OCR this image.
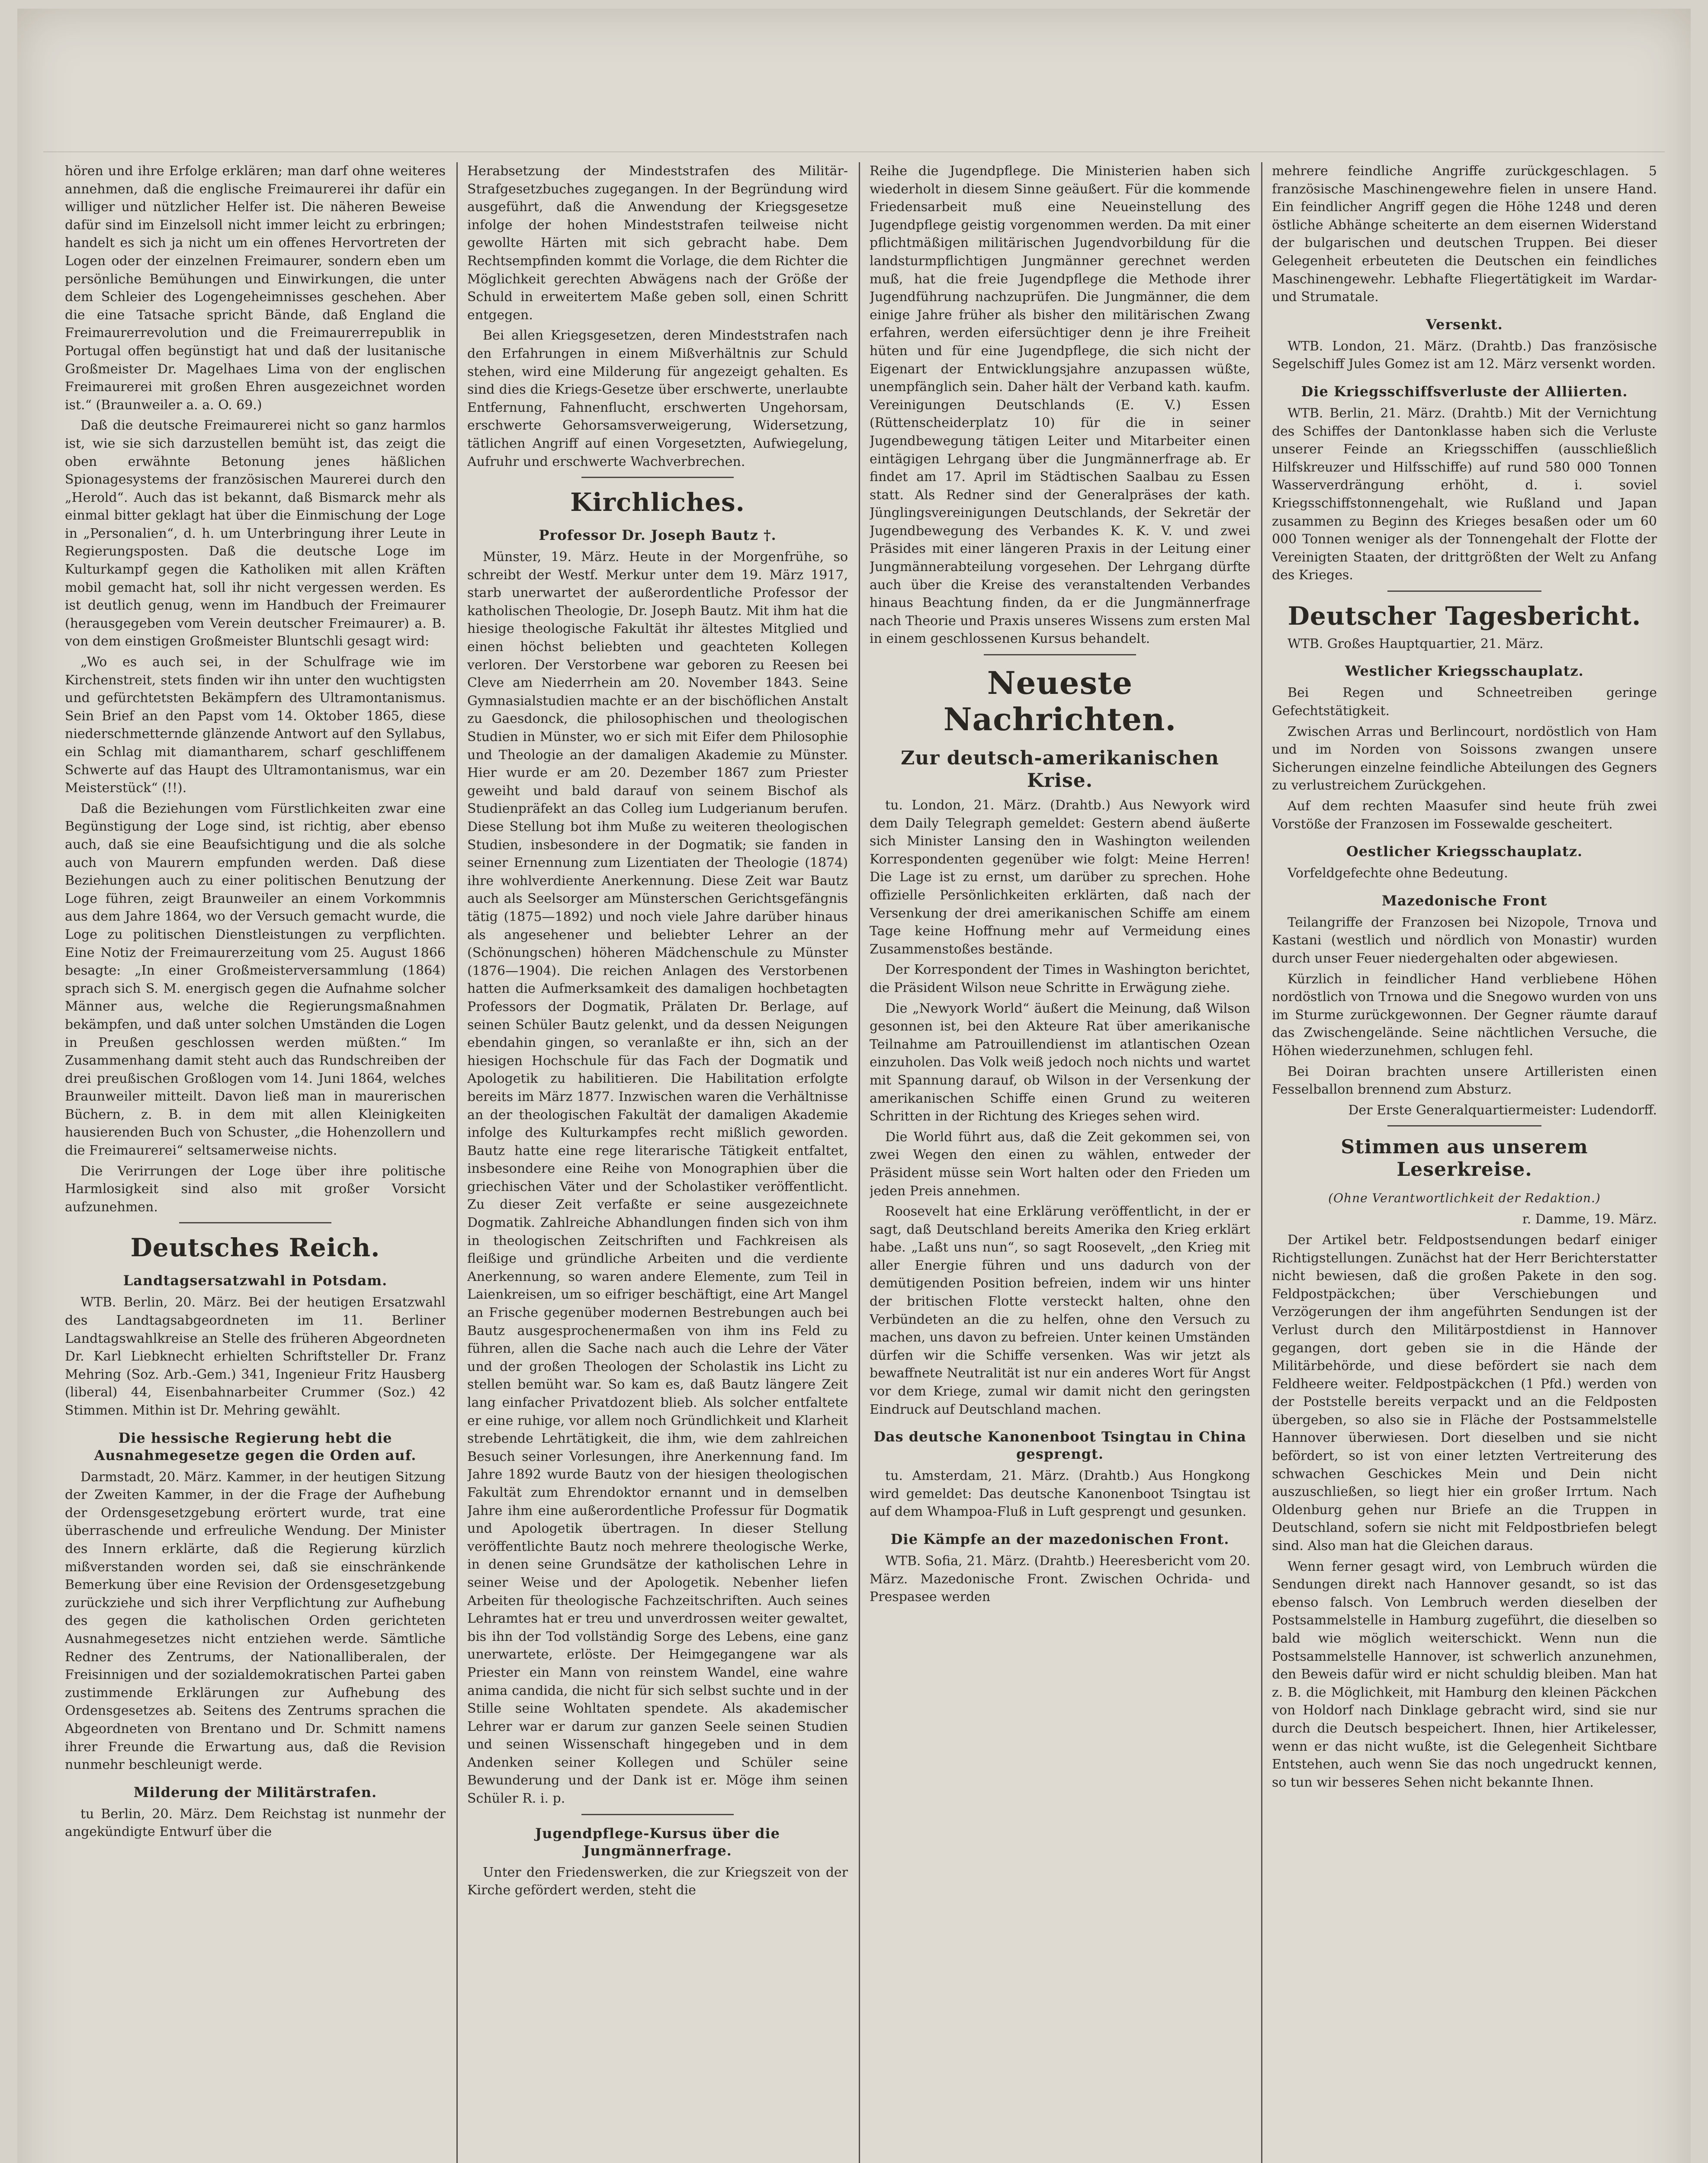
hören und ihre Erfolge erklären; man darf ohne weiteres annehmen, daß die englische Freimaurerei ihr dafür ein williger und nützlicher Helfer ist. Die näheren Beweise dafür sind im Einzelsoll nicht immer leicht zu erbringen; handelt es sich ja nicht um ein offenes Hervortreten der Logen oder der einzelnen Freimaurer, sondern eben um persönliche Bemühungen und Einwirkungen, die unter dem Schleier des Logengeheimnisses geschehen. Aber die eine Tatsache spricht Bände, daß England die Freimaurerrevolution und die Freimaurerrepublik in Portugal offen begünstigt hat und daß der lusitanische Großmeister Dr. Magelhaes Lima von der englischen Freimaurerei mit großen Ehren ausgezeichnet worden ist.“ (Braunweiler a. a. O. 69.)

Daß die deutsche Freimaurerei nicht so ganz harmlos ist, wie sie sich darzustellen bemüht ist, das zeigt die oben erwähnte Betonung jenes häßlichen Spionagesystems der französischen Maurerei durch den „Herold“. Auch das ist bekannt, daß Bismarck mehr als einmal bitter geklagt hat über die Einmischung der Loge in „Personalien“, d. h. um Unterbringung ihrer Leute in Regierungsposten. Daß die deutsche Loge im Kulturkampf gegen die Katholiken mit allen Kräften mobil gemacht hat, soll ihr nicht vergessen werden. Es ist deutlich genug, wenn im Handbuch der Freimaurer (herausgegeben vom Verein deutscher Freimaurer) a. B. von dem einstigen Großmeister Bluntschli gesagt wird:

„Wo es auch sei, in der Schulfrage wie im Kirchenstreit, stets finden wir ihn unter den wuchtigsten und gefürchtetsten Bekämpfern des Ultramontanismus. Sein Brief an den Papst vom 14. Oktober 1865, diese niederschmetternde glänzende Antwort auf den Syllabus, ein Schlag mit diamantharem, scharf geschliffenem Schwerte auf das Haupt des Ultramontanismus, war ein Meisterstück“ (!!).

Daß die Beziehungen vom Fürstlichkeiten zwar eine Begünstigung der Loge sind, ist richtig, aber ebenso auch, daß sie eine Beaufsichtigung und die als solche auch von Maurern empfunden werden. Daß diese Beziehungen auch zu einer politischen Benutzung der Loge führen, zeigt Braunweiler an einem Vorkommnis aus dem Jahre 1864, wo der Versuch gemacht wurde, die Loge zu politischen Dienstleistungen zu verpflichten. Eine Notiz der Freimaurerzeitung vom 25. August 1866 besagte: „In einer Großmeisterversammlung (1864) sprach sich S. M. energisch gegen die Aufnahme solcher Männer aus, welche die Regierungsmaßnahmen bekämpfen, und daß unter solchen Umständen die Logen in Preußen geschlossen werden müßten.“ Im Zusammenhang damit steht auch das Rundschreiben der drei preußischen Großlogen vom 14. Juni 1864, welches Braunweiler mitteilt. Davon ließ man in maurerischen Büchern, z. B. in dem mit allen Kleinigkeiten hausierenden Buch von Schuster, „die Hohenzollern und die Freimaurerei“ seltsamerweise nichts.

Die Verirrungen der Loge über ihre politische Harmlosigkeit sind also mit großer Vorsicht aufzunehmen.

Deutsches Reich.
Landtagsersatzwahl in Potsdam.

WTB. Berlin, 20. März. Bei der heutigen Ersatzwahl des Landtagsabgeordneten im 11. Berliner Landtagswahlkreise an Stelle des früheren Abgeordneten Dr. Karl Liebknecht erhielten Schriftsteller Dr. Franz Mehring (Soz. Arb.-Gem.) 341, Ingenieur Fritz Hausberg (liberal) 44, Eisenbahnarbeiter Crummer (Soz.) 42 Stimmen. Mithin ist Dr. Mehring gewählt.

Die hessische Regierung hebt die Ausnahmegesetze gegen die Orden auf.

Darmstadt, 20. März. Kammer, in der heutigen Sitzung der Zweiten Kammer, in der die Frage der Aufhebung der Ordensgesetzgebung erörtert wurde, trat eine überraschende und erfreuliche Wendung. Der Minister des Innern erklärte, daß die Regierung kürzlich mißverstanden worden sei, daß sie einschränkende Bemerkung über eine Revision der Ordensgesetzgebung zurückziehe und sich ihrer Verpflichtung zur Aufhebung des gegen die katholischen Orden gerichteten Ausnahmegesetzes nicht entziehen werde. Sämtliche Redner des Zentrums, der Nationalliberalen, der Freisinnigen und der sozialdemokratischen Partei gaben zustimmende Erklärungen zur Aufhebung des Ordensgesetzes ab. Seitens des Zentrums sprachen die Abgeordneten von Brentano und Dr. Schmitt namens ihrer Freunde die Erwartung aus, daß die Revision nunmehr beschleunigt werde.

Milderung der Militärstrafen.

tu Berlin, 20. März. Dem Reichstag ist nunmehr der angekündigte Entwurf über die

Herabsetzung der Mindeststrafen des Militär-Strafgesetzbuches zugegangen. In der Begründung wird ausgeführt, daß die Anwendung der Kriegsgesetze infolge der hohen Mindeststrafen teilweise nicht gewollte Härten mit sich gebracht habe. Dem Rechtsempfinden kommt die Vorlage, die dem Richter die Möglichkeit gerechten Abwägens nach der Größe der Schuld in erweitertem Maße geben soll, einen Schritt entgegen.

Bei allen Kriegsgesetzen, deren Mindeststrafen nach den Erfahrungen in einem Mißverhältnis zur Schuld stehen, wird eine Milderung für angezeigt gehalten. Es sind dies die Kriegs-Gesetze über erschwerte, unerlaubte Entfernung, Fahnenflucht, erschwerten Ungehorsam, erschwerte Gehorsamsverweigerung, Widersetzung, tätlichen Angriff auf einen Vorgesetzten, Aufwiegelung, Aufruhr und erschwerte Wachverbrechen.

Kirchliches.
Professor Dr. Joseph Bautz †.

Münster, 19. März. Heute in der Morgenfrühe, so schreibt der Westf. Merkur unter dem 19. März 1917, starb unerwartet der außerordentliche Professor der katholischen Theologie, Dr. Joseph Bautz. Mit ihm hat die hiesige theologische Fakultät ihr ältestes Mitglied und einen höchst beliebten und geachteten Kollegen verloren. Der Verstorbene war geboren zu Reesen bei Cleve am Niederrhein am 20. November 1843. Seine Gymnasialstudien machte er an der bischöflichen Anstalt zu Gaesdonck, die philosophischen und theologischen Studien in Münster, wo er sich mit Eifer dem Philosophie und Theologie an der damaligen Akademie zu Münster. Hier wurde er am 20. Dezember 1867 zum Priester geweiht und bald darauf von seinem Bischof als Studienpräfekt an das Colleg ium Ludgerianum berufen. Diese Stellung bot ihm Muße zu weiteren theologischen Studien, insbesondere in der Dogmatik; sie fanden in seiner Ernennung zum Lizentiaten der Theologie (1874) ihre wohlverdiente Anerkennung. Diese Zeit war Bautz auch als Seelsorger am Münsterschen Gerichtsgefängnis tätig (1875—1892) und noch viele Jahre darüber hinaus als angesehener und beliebter Lehrer an der (Schönungschen) höheren Mädchenschule zu Münster (1876—1904). Die reichen Anlagen des Verstorbenen hatten die Aufmerksamkeit des damaligen hochbetagten Professors der Dogmatik, Prälaten Dr. Berlage, auf seinen Schüler Bautz gelenkt, und da dessen Neigungen ebendahin gingen, so veranlaßte er ihn, sich an der hiesigen Hochschule für das Fach der Dogmatik und Apologetik zu habilitieren. Die Habilitation erfolgte bereits im März 1877. Inzwischen waren die Verhältnisse an der theologischen Fakultät der damaligen Akademie infolge des Kulturkampfes recht mißlich geworden. Bautz hatte eine rege literarische Tätigkeit entfaltet, insbesondere eine Reihe von Monographien über die griechischen Väter und der Scholastiker veröffentlicht. Zu dieser Zeit verfaßte er seine ausgezeichnete Dogmatik. Zahlreiche Abhandlungen finden sich von ihm in theologischen Zeitschriften und Fachkreisen als fleißige und gründliche Arbeiten und die verdiente Anerkennung, so waren andere Elemente, zum Teil in Laienkreisen, um so eifriger beschäftigt, eine Art Mangel an Frische gegenüber modernen Bestrebungen auch bei Bautz ausgesprochenermaßen von ihm ins Feld zu führen, allen die Sache nach auch die Lehre der Väter und der großen Theologen der Scholastik ins Licht zu stellen bemüht war. So kam es, daß Bautz längere Zeit lang einfacher Privatdozent blieb. Als solcher entfaltete er eine ruhige, vor allem noch Gründlichkeit und Klarheit strebende Lehrtätigkeit, die ihm, wie dem zahlreichen Besuch seiner Vorlesungen, ihre Anerkennung fand. Im Jahre 1892 wurde Bautz von der hiesigen theologischen Fakultät zum Ehrendoktor ernannt und in demselben Jahre ihm eine außerordentliche Professur für Dogmatik und Apologetik übertragen. In dieser Stellung veröffentlichte Bautz noch mehrere theologische Werke, in denen seine Grundsätze der katholischen Lehre in seiner Weise und der Apologetik. Nebenher liefen Arbeiten für theologische Fachzeitschriften. Auch seines Lehramtes hat er treu und unverdrossen weiter gewaltet, bis ihn der Tod vollständig Sorge des Lebens, eine ganz unerwartete, erlöste. Der Heimgegangene war als Priester ein Mann von reinstem Wandel, eine wahre anima candida, die nicht für sich selbst suchte und in der Stille seine Wohltaten spendete. Als akademischer Lehrer war er darum zur ganzen Seele seinen Studien und seinen Wissenschaft hingegeben und in dem Andenken seiner Kollegen und Schüler seine Bewunderung und der Dank ist er. Möge ihm seinen Schüler R. i. p.

Jugendpflege-Kursus über die Jungmännerfrage.

Unter den Friedenswerken, die zur Kriegszeit von der Kirche gefördert werden, steht die

Reihe die Jugendpflege. Die Ministerien haben sich wiederholt in diesem Sinne geäußert. Für die kommende Friedensarbeit muß eine Neueinstellung des Jugendpflege geistig vorgenommen werden. Da mit einer pflichtmäßigen militärischen Jugendvorbildung für die landsturmpflichtigen Jungmänner gerechnet werden muß, hat die freie Jugendpflege die Methode ihrer Jugendführung nachzuprüfen. Die Jungmänner, die dem einige Jahre früher als bisher den militärischen Zwang erfahren, werden eifersüchtiger denn je ihre Freiheit hüten und für eine Jugendpflege, die sich nicht der Eigenart der Entwicklungsjahre anzupassen wüßte, unempfänglich sein. Daher hält der Verband kath. kaufm. Vereinigungen Deutschlands (E. V.) Essen (Rüttenscheiderplatz 10) für die in seiner Jugendbewegung tätigen Leiter und Mitarbeiter einen eintägigen Lehrgang über die Jungmännerfrage ab. Er findet am 17. April im Städtischen Saalbau zu Essen statt. Als Redner sind der Generalpräses der kath. Jünglingsvereinigungen Deutschlands, der Sekretär der Jugendbewegung des Verbandes K. K. V. und zwei Präsides mit einer längeren Praxis in der Leitung einer Jungmännerabteilung vorgesehen. Der Lehrgang dürfte auch über die Kreise des veranstaltenden Verbandes hinaus Beachtung finden, da er die Jungmännerfrage nach Theorie und Praxis unseres Wissens zum ersten Mal in einem geschlossenen Kursus behandelt.

Neueste Nachrichten.
Zur deutsch-amerikanischen Krise.

tu. London, 21. März. (Drahtb.) Aus Newyork wird dem Daily Telegraph gemeldet: Gestern abend äußerte sich Minister Lansing den in Washington weilenden Korrespondenten gegenüber wie folgt: Meine Herren! Die Lage ist zu ernst, um darüber zu sprechen. Hohe offizielle Persönlichkeiten erklärten, daß nach der Versenkung der drei amerikanischen Schiffe am einem Tage keine Hoffnung mehr auf Vermeidung eines Zusammenstoßes bestände.

Der Korrespondent der Times in Washington berichtet, die Präsident Wilson neue Schritte in Erwägung ziehe.

Die „Newyork World“ äußert die Meinung, daß Wilson gesonnen ist, bei den Akteure Rat über amerikanische Teilnahme am Patrouillendienst im atlantischen Ozean einzuholen. Das Volk weiß jedoch noch nichts und wartet mit Spannung darauf, ob Wilson in der Versenkung der amerikanischen Schiffe einen Grund zu weiteren Schritten in der Richtung des Krieges sehen wird.

Die World führt aus, daß die Zeit gekommen sei, von zwei Wegen den einen zu wählen, entweder der Präsident müsse sein Wort halten oder den Frieden um jeden Preis annehmen.

Roosevelt hat eine Erklärung veröffentlicht, in der er sagt, daß Deutschland bereits Amerika den Krieg erklärt habe. „Laßt uns nun“, so sagt Roosevelt, „den Krieg mit aller Energie führen und uns dadurch von der demütigenden Position befreien, indem wir uns hinter der britischen Flotte versteckt halten, ohne den Verbündeten an die zu helfen, ohne den Versuch zu machen, uns davon zu befreien. Unter keinen Umständen dürfen wir die Schiffe versenken. Was wir jetzt als bewaffnete Neutralität ist nur ein anderes Wort für Angst vor dem Kriege, zumal wir damit nicht den geringsten Eindruck auf Deutschland machen.

Das deutsche Kanonenboot Tsingtau in China gesprengt.

tu. Amsterdam, 21. März. (Drahtb.) Aus Hongkong wird gemeldet: Das deutsche Kanonenboot Tsingtau ist auf dem Whampoa-Fluß in Luft gesprengt und gesunken.

Die Kämpfe an der mazedonischen Front.

WTB. Sofia, 21. März. (Drahtb.) Heeresbericht vom 20. März. Mazedonische Front. Zwischen Ochrida- und Prespasee werden

mehrere feindliche Angriffe zurückgeschlagen. 5 französische Maschinengewehre fielen in unsere Hand. Ein feindlicher Angriff gegen die Höhe 1248 und deren östliche Abhänge scheiterte an dem eisernen Widerstand der bulgarischen und deutschen Truppen. Bei dieser Gelegenheit erbeuteten die Deutschen ein feindliches Maschinengewehr. Lebhafte Fliegertätigkeit im Wardar- und Strumatale.

Versenkt.

WTB. London, 21. März. (Drahtb.) Das französische Segelschiff Jules Gomez ist am 12. März versenkt worden.

Die Kriegsschiffsverluste der Alliierten.

WTB. Berlin, 21. März. (Drahtb.) Mit der Vernichtung des Schiffes der Dantonklasse haben sich die Verluste unserer Feinde an Kriegsschiffen (ausschließlich Hilfskreuzer und Hilfsschiffe) auf rund 580 000 Tonnen Wasserverdrängung erhöht, d. i. soviel Kriegsschiffstonnengehalt, wie Rußland und Japan zusammen zu Beginn des Krieges besaßen oder um 60 000 Tonnen weniger als der Tonnengehalt der Flotte der Vereinigten Staaten, der drittgrößten der Welt zu Anfang des Krieges.

Deutscher Tagesbericht.

WTB. Großes Hauptquartier, 21. März.

Westlicher Kriegsschauplatz.

Bei Regen und Schneetreiben geringe Gefechtstätigkeit.

Zwischen Arras und Berlincourt, nordöstlich von Ham und im Norden von Soissons zwangen unsere Sicherungen einzelne feindliche Abteilungen des Gegners zu verlustreichem Zurückgehen.

Auf dem rechten Maasufer sind heute früh zwei Vorstöße der Franzosen im Fossewalde gescheitert.

Oestlicher Kriegsschauplatz.

Vorfeldgefechte ohne Bedeutung.

Mazedonische Front

Teilangriffe der Franzosen bei Nizopole, Trnova und Kastani (westlich und nördlich von Monastir) wurden durch unser Feuer niedergehalten oder abgewiesen.

Kürzlich in feindlicher Hand verbliebene Höhen nordöstlich von Trnowa und die Snegowo wurden von uns im Sturme zurückgewonnen. Der Gegner räumte darauf das Zwischengelände. Seine nächtlichen Versuche, die Höhen wiederzunehmen, schlugen fehl.

Bei Doiran brachten unsere Artilleristen einen Fesselballon brennend zum Absturz.

Der Erste Generalquartiermeister: Ludendorff.

Stimmen aus unserem Leserkreise.
(Ohne Verantwortlichkeit der Redaktion.)

r. Damme, 19. März.

Der Artikel betr. Feldpostsendungen bedarf einiger Richtigstellungen. Zunächst hat der Herr Berichterstatter nicht bewiesen, daß die großen Pakete in den sog. Feldpostpäckchen; über Verschiebungen und Verzögerungen der ihm angeführten Sendungen ist der Verlust durch den Militärpostdienst in Hannover gegangen, dort geben sie in die Hände der Militärbehörde, und diese befördert sie nach dem Feldheere weiter. Feldpostpäckchen (1 Pfd.) werden von der Poststelle bereits verpackt und an die Feldposten übergeben, so also sie in Fläche der Postsammelstelle Hannover überwiesen. Dort dieselben und sie nicht befördert, so ist von einer letzten Vertreiterung des schwachen Geschickes Mein und Dein nicht auszuschließen, so liegt hier ein großer Irrtum. Nach Oldenburg gehen nur Briefe an die Truppen in Deutschland, sofern sie nicht mit Feldpostbriefen belegt sind. Also man hat die Gleichen daraus.

Wenn ferner gesagt wird, von Lembruch würden die Sendungen direkt nach Hannover gesandt, so ist das ebenso falsch. Von Lembruch werden dieselben der Postsammelstelle in Hamburg zugeführt, die dieselben so bald wie möglich weiterschickt. Wenn nun die Postsammelstelle Hannover, ist schwerlich anzunehmen, den Beweis dafür wird er nicht schuldig bleiben. Man hat z. B. die Möglichkeit, mit Hamburg den kleinen Päckchen von Holdorf nach Dinklage gebracht wird, sind sie nur durch die Deutsch bespeichert. Ihnen, hier Artikelesser, wenn er das nicht wußte, ist die Gelegenheit Sichtbare Entstehen, auch wenn Sie das noch ungedruckt kennen, so tun wir besseres Sehen nicht bekannte Ihnen.
